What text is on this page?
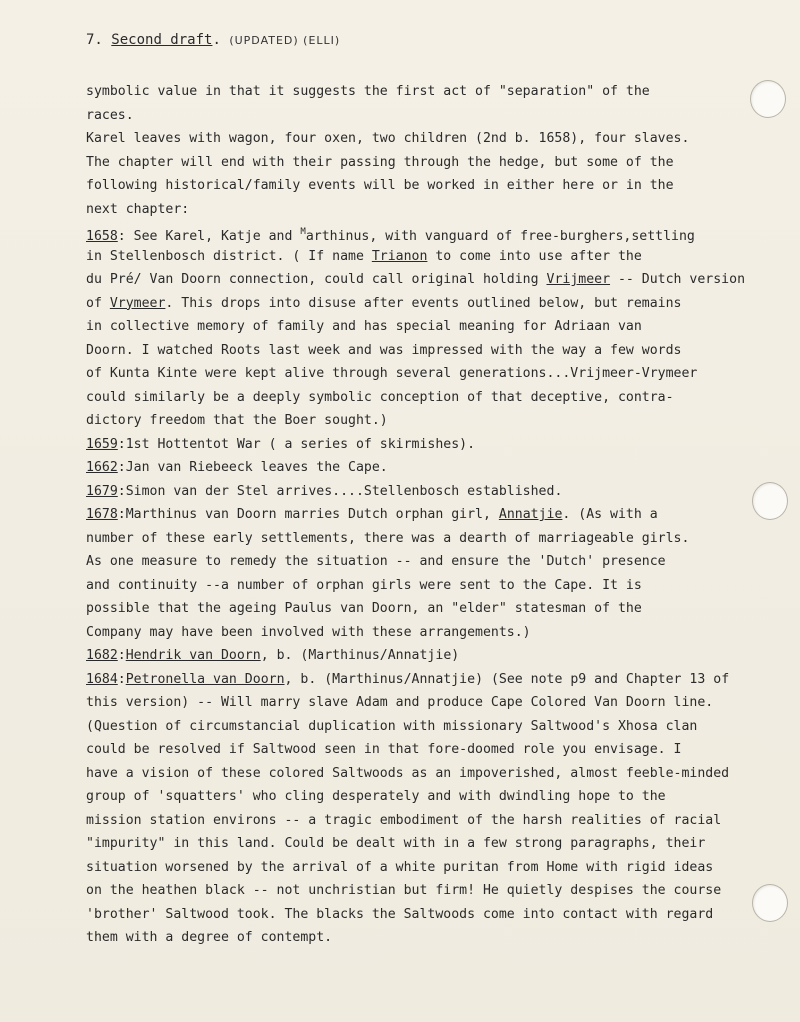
7. Second draft. (UPDATED) (ELLI)
symbolic value in that it suggests the first act of "separation" of the
races.
Karel leaves with wagon, four oxen, two children (2nd b. 1658), four slaves.
The chapter will end with their passing through the hedge, but some of the
following historical/family events will be worked in either here or in the
next chapter:
1658: See Karel, Katje and $^M$arthinus, with vanguard of free-burghers,settling
in Stellenbosch district. ( If name Trianon to come into use after the
du Pré/ Van Doorn connection, could call original holding Vrijmeer -- Dutch version
of Vrymeer. This drops into disuse after events outlined below, but remains
in collective memory of family and has special meaning for Adriaan van
Doorn. I watched Roots last week and was impressed with the way a few words
of Kunta Kinte were kept alive through several generations...Vrijmeer-Vrymeer
could similarly be a deeply symbolic conception of that deceptive, contra-
dictory freedom that the Boer sought.)
1659:1st Hottentot War ( a series of skirmishes).
1662:Jan van Riebeeck leaves the Cape.
1679:Simon van der Stel arrives....Stellenbosch established.
1678:Marthinus van Doorn marries Dutch orphan girl, Annatjie. (As with a
number of these early settlements, there was a dearth of marriageable girls.
As one measure to remedy the situation -- and ensure the 'Dutch' presence
and continuity --a number of orphan girls were sent to the Cape. It is
possible that the ageing Paulus van Doorn, an "elder" statesman of the
Company may have been involved with these arrangements.)
1682:Hendrik van Doorn, b. (Marthinus/Annatjie)
1684:Petronella van Doorn, b. (Marthinus/Annatjie) (See note p9 and Chapter 13 of
this version) -- Will marry slave Adam and produce Cape Colored Van Doorn line.
(Question of circumstancial duplication with missionary Saltwood's Xhosa clan
could be resolved if Saltwood seen in that fore-doomed role you envisage. I
have a vision of these colored Saltwoods as an impoverished, almost feeble-minded
group of 'squatters' who cling desperately and with dwindling hope to the
mission station environs -- a tragic embodiment of the harsh realities of racial
"impurity" in this land. Could be dealt with in a few strong paragraphs, their
situation worsened by the arrival of a white puritan from Home with rigid ideas
on the heathen black -- not unchristian but firm! He quietly despises the course
'brother' Saltwood took. The blacks the Saltwoods come into contact with regard
them with a degree of contempt.
